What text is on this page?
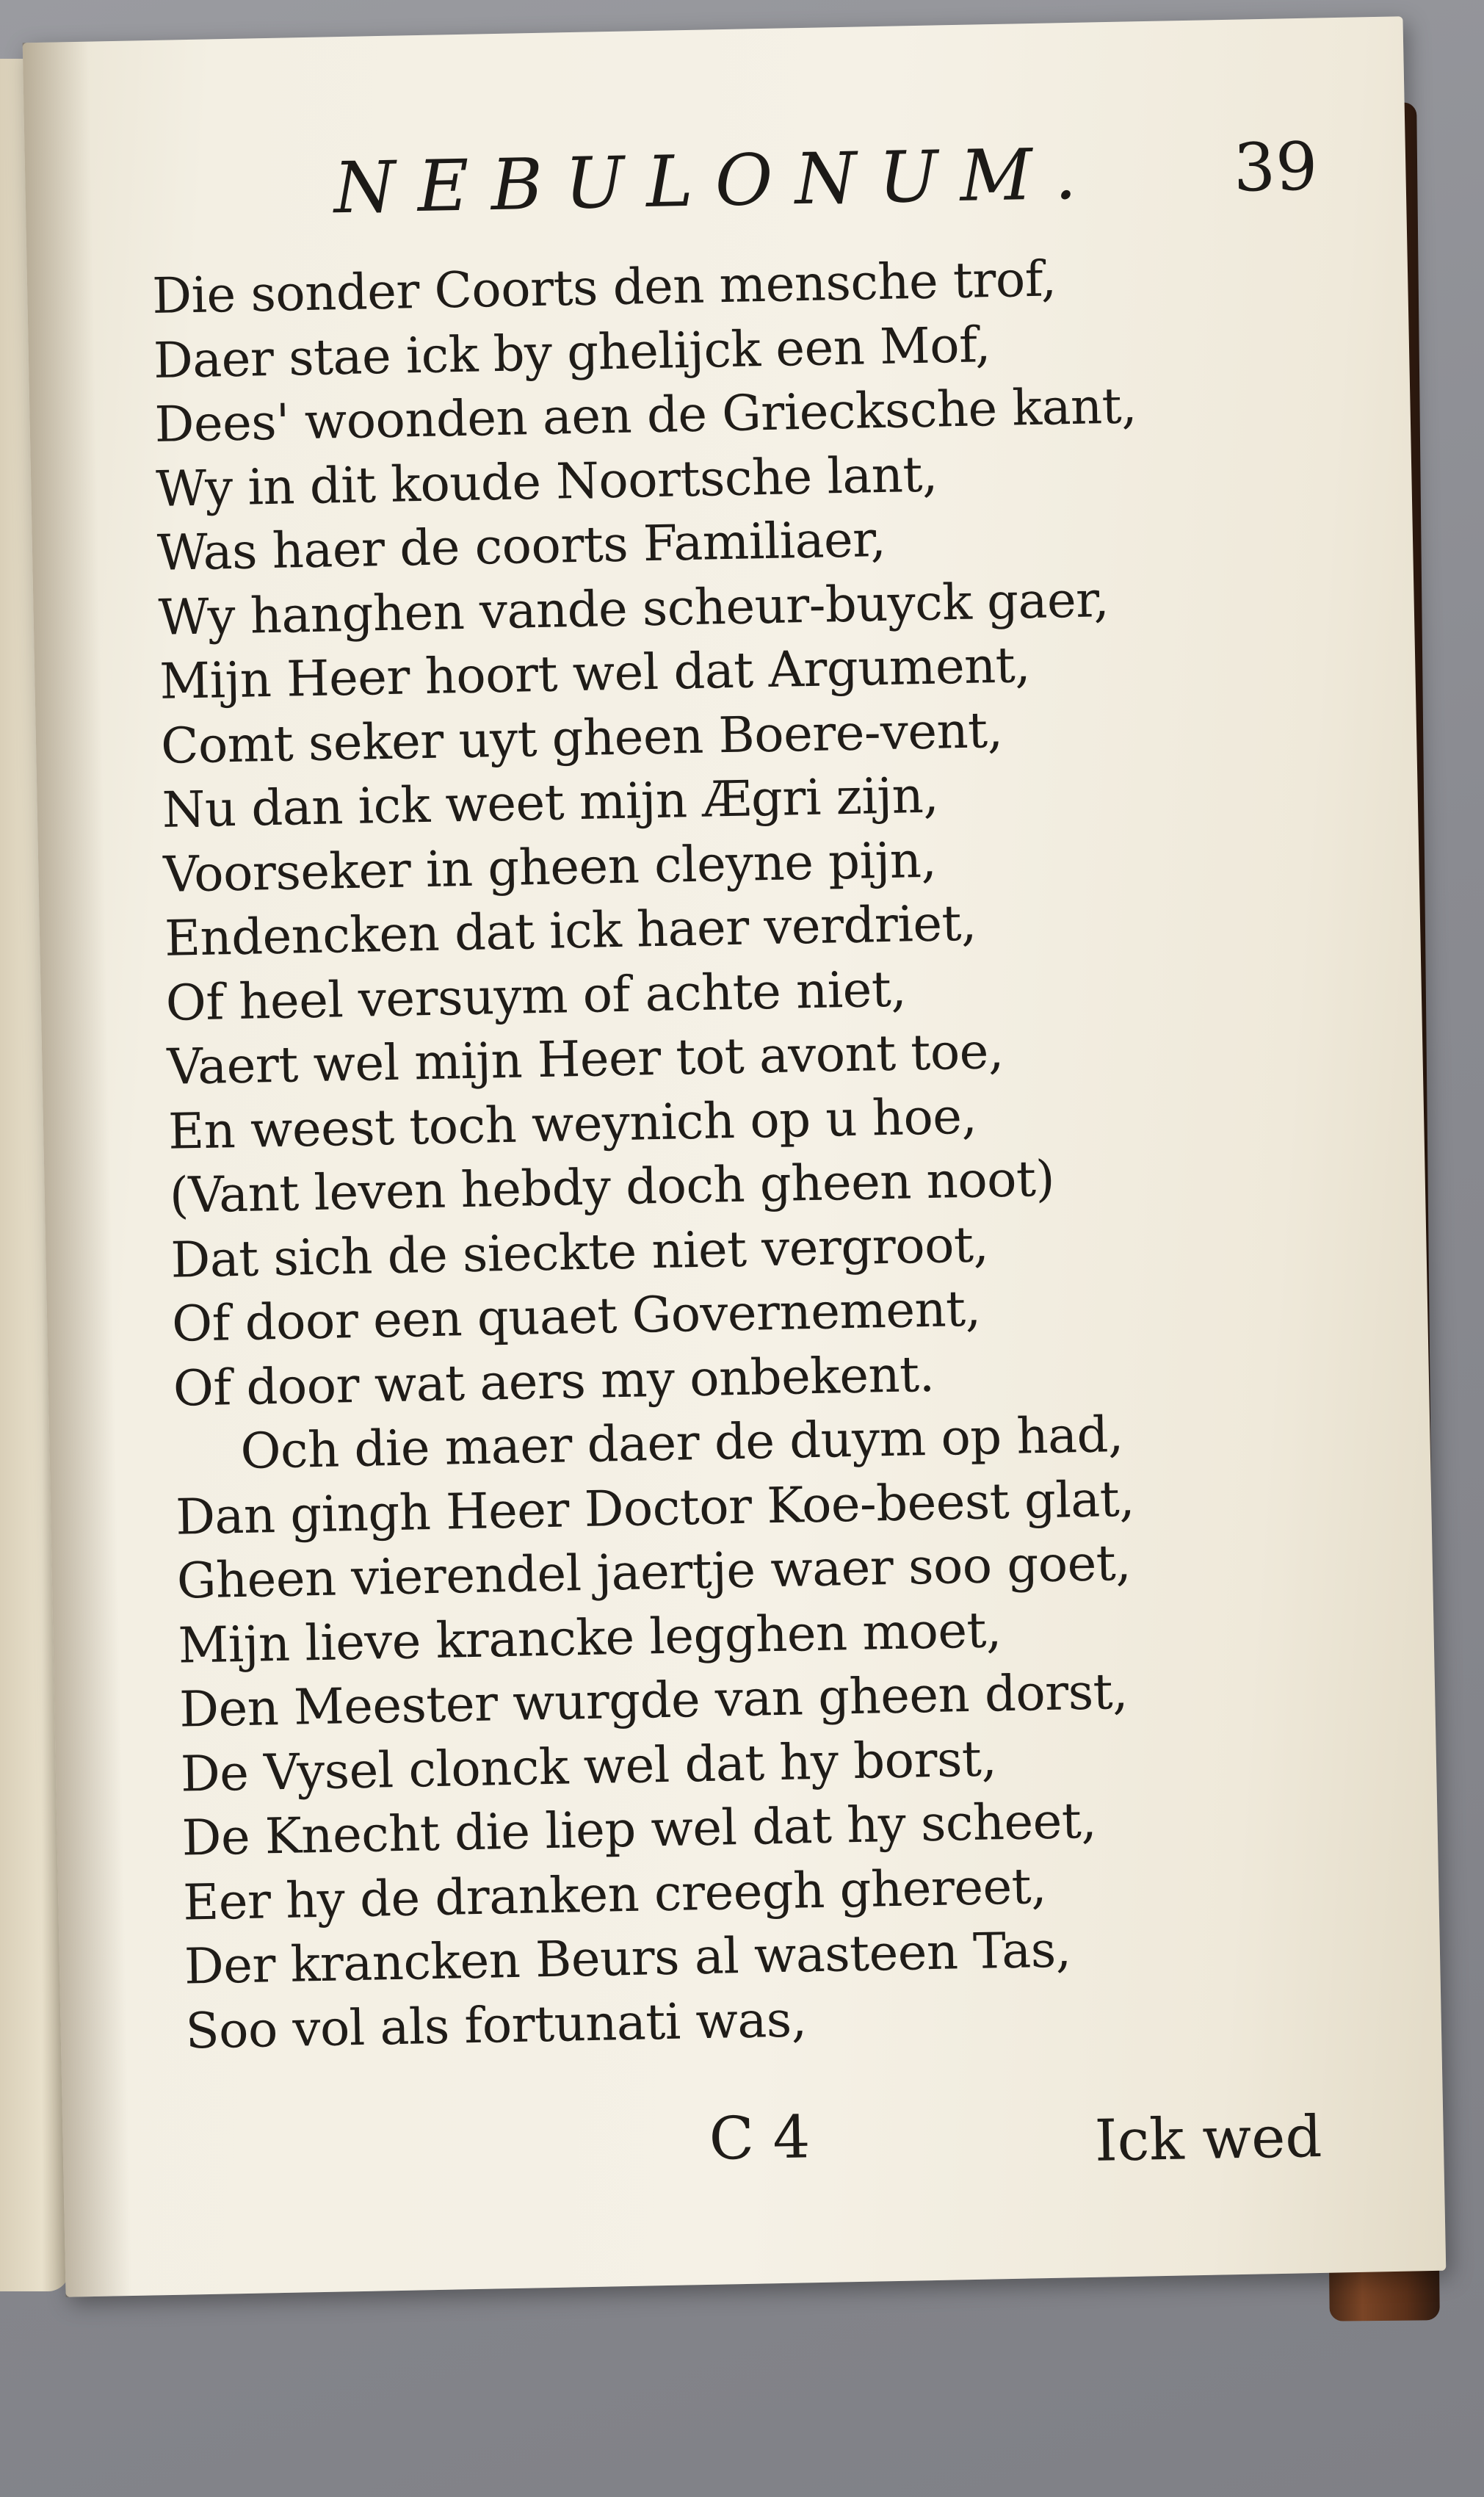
NEBULONUM. 39
Die sonder Coorts den mensche trof,
Daer stae ick by ghelijck een Mof,
Dees' woonden aen de Griecksche kant,
Wy in dit koude Noortsche lant,
Was haer de coorts Familiaer,
Wy hanghen vande scheur-buyck gaer,
Mijn Heer hoort wel dat Argument,
Comt seker uyt gheen Boere-vent,
Nu dan ick weet mijn Ægri zijn,
Voorseker in gheen cleyne pijn,
Endencken dat ick haer verdriet,
Of heel versuym of achte niet,
Vaert wel mijn Heer tot avont toe,
En weest toch weynich op u hoe,
(Vant leven hebdy doch gheen noot)
Dat sich de sieckte niet vergroot,
Of door een quaet Governement,
Of door wat aers my onbekent.
Och die maer daer de duym op had,
Dan gingh Heer Doctor Koe-beest glat,
Gheen vierendel jaertje waer soo goet,
Mijn lieve krancke legghen moet,
Den Meester wurgde van gheen dorst,
De Vysel clonck wel dat hy borst,
De Knecht die liep wel dat hy scheet,
Eer hy de dranken creegh ghereet,
Der krancken Beurs al wasteen Tas,
Soo vol als fortunati was,
C 4	Ick wed
